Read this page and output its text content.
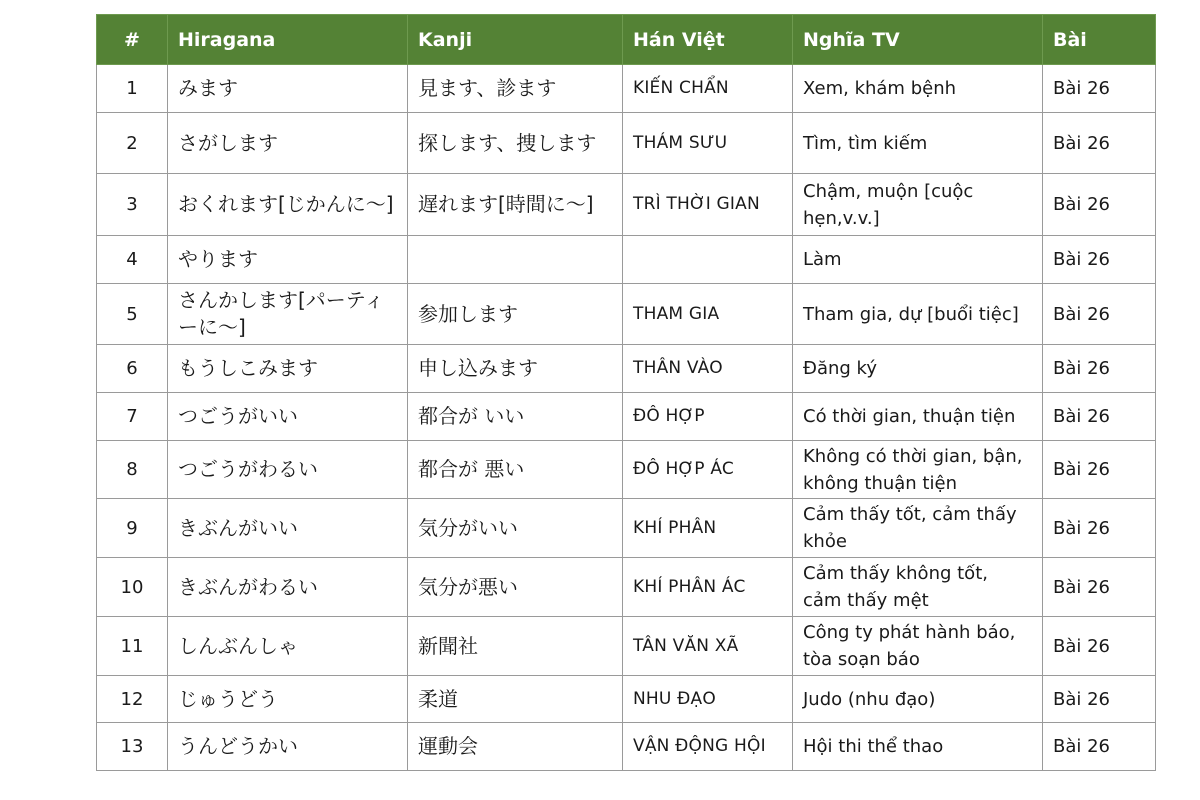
#	Hiragana	Kanji	Hán Việt	Nghĩa TV	Bài
1	みます	見ます、診ます	KIẾN CHẨN	Xem, khám bệnh	Bài 26
2	さがします	探します、捜します	THÁM SƯU	Tìm, tìm kiếm	Bài 26
3	おくれます[じかんに～]	遅れます[時間に～]	TRÌ THỜI GIAN	Chậm, muộn [cuộc hẹn,v.v.]	Bài 26
4	やります			Làm	Bài 26
5	さんかします[パーティーに～]	参加します	THAM GIA	Tham gia, dự [buổi tiệc]	Bài 26
6	もうしこみます	申し込みます	THÂN VÀO	Đăng ký	Bài 26
7	つごうがいい	都合が いい	ĐÔ HỢP	Có thời gian, thuận tiện	Bài 26
8	つごうがわるい	都合が 悪い	ĐÔ HỢP ÁC	Không có thời gian, bận, không thuận tiện	Bài 26
9	きぶんがいい	気分がいい	KHÍ PHÂN	Cảm thấy tốt, cảm thấy khỏe	Bài 26
10	きぶんがわるい	気分が悪い	KHÍ PHÂN ÁC	Cảm thấy không tốt, cảm thấy mệt	Bài 26
11	しんぶんしゃ	新聞社	TÂN VĂN XÃ	Công ty phát hành báo, tòa soạn báo	Bài 26
12	じゅうどう	柔道	NHU ĐẠO	Judo (nhu đạo)	Bài 26
13	うんどうかい	運動会	VẬN ĐỘNG HỘI	Hội thi thể thao	Bài 26
